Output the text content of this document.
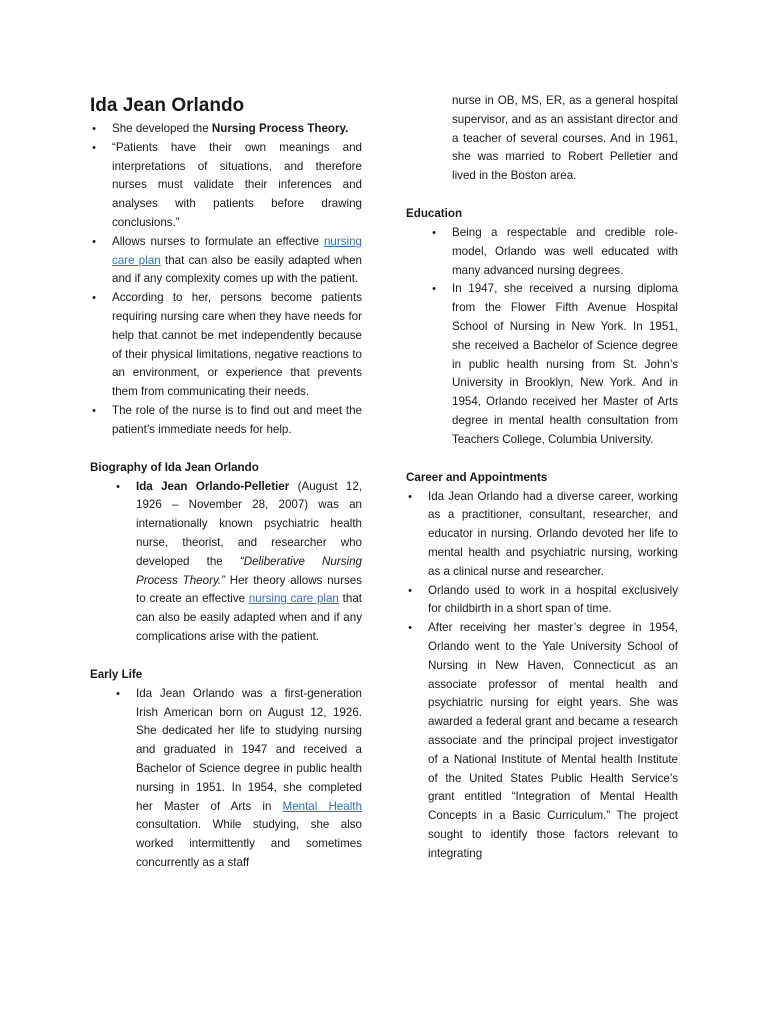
Ida Jean Orlando
• She developed the Nursing Process Theory.
• “Patients have their own meanings and interpretations of situations, and therefore nurses must validate their inferences and analyses with patients before drawing conclusions.”
• Allows nurses to formulate an effective nursing care plan that can also be easily adapted when and if any complexity comes up with the patient.
• According to her, persons become patients requiring nursing care when they have needs for help that cannot be met independently because of their physical limitations, negative reactions to an environment, or experience that prevents them from communicating their needs.
• The role of the nurse is to find out and meet the patient’s immediate needs for help.

Biography of Ida Jean Orlando

• Ida Jean Orlando-Pelletier (August 12, 1926 – November 28, 2007) was an internationally known psychiatric health nurse, theorist, and researcher who developed the “Deliberative Nursing Process Theory.” Her theory allows nurses to create an effective nursing care plan that can also be easily adapted when and if any complications arise with the patient.

Early Life

• Ida Jean Orlando was a first-generation Irish American born on August 12, 1926. She dedicated her life to studying nursing and graduated in 1947 and received a Bachelor of Science degree in public health nursing in 1951. In 1954, she completed her Master of Arts in Mental Health consultation. While studying, she also worked intermittently and sometimes concurrently as a staff
nurse in OB, MS, ER, as a general hospital supervisor, and as an assistant director and a teacher of several courses. And in 1961, she was married to Robert Pelletier and lived in the Boston area.

Education

• Being a respectable and credible role-model, Orlando was well educated with many advanced nursing degrees.
• In 1947, she received a nursing diploma from the Flower Fifth Avenue Hospital School of Nursing in New York. In 1951, she received a Bachelor of Science degree in public health nursing from St. John’s University in Brooklyn, New York. And in 1954, Orlando received her Master of Arts degree in mental health consultation from Teachers College, Columbia University.

Career and Appointments

• Ida Jean Orlando had a diverse career, working as a practitioner, consultant, researcher, and educator in nursing. Orlando devoted her life to mental health and psychiatric nursing, working as a clinical nurse and researcher.
• Orlando used to work in a hospital exclusively for childbirth in a short span of time.
• After receiving her master’s degree in 1954, Orlando went to the Yale University School of Nursing in New Haven, Connecticut as an associate professor of mental health and psychiatric nursing for eight years. She was awarded a federal grant and became a research associate and the principal project investigator of a National Institute of Mental health Institute of the United States Public Health Service’s grant entitled “Integration of Mental Health Concepts in a Basic Curriculum.” The project sought to identify those factors relevant to integrating
